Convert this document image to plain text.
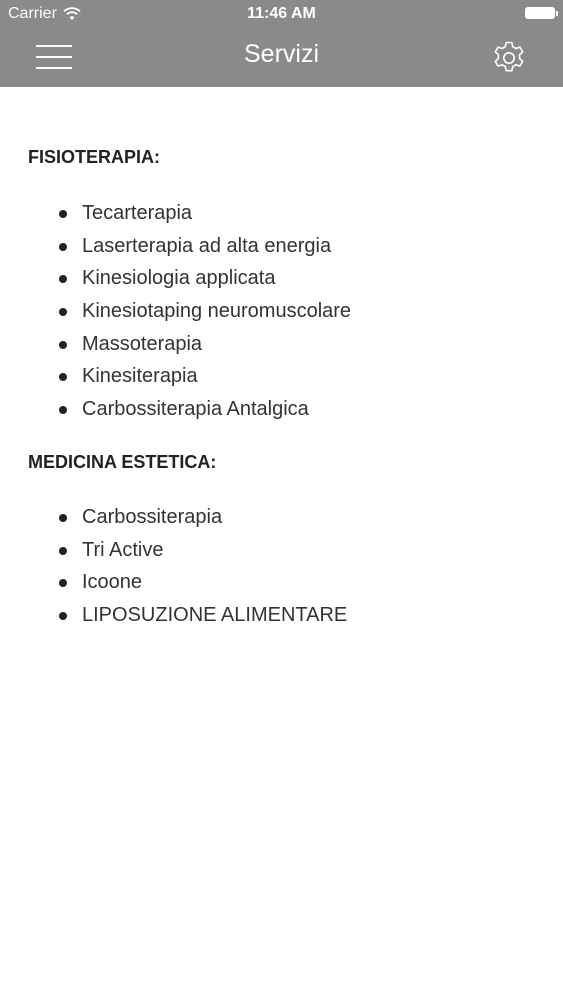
Carrier	11:46 AM
Servizi
FISIOTERAPIA:
Tecarterapia
Laserterapia ad alta energia
Kinesiologia applicata
Kinesiotaping neuromuscolare
Massoterapia
Kinesiterapia
Carbossiterapia Antalgica
MEDICINA ESTETICA:
Carbossiterapia
Tri Active
Icoone
LIPOSUZIONE ALIMENTARE
